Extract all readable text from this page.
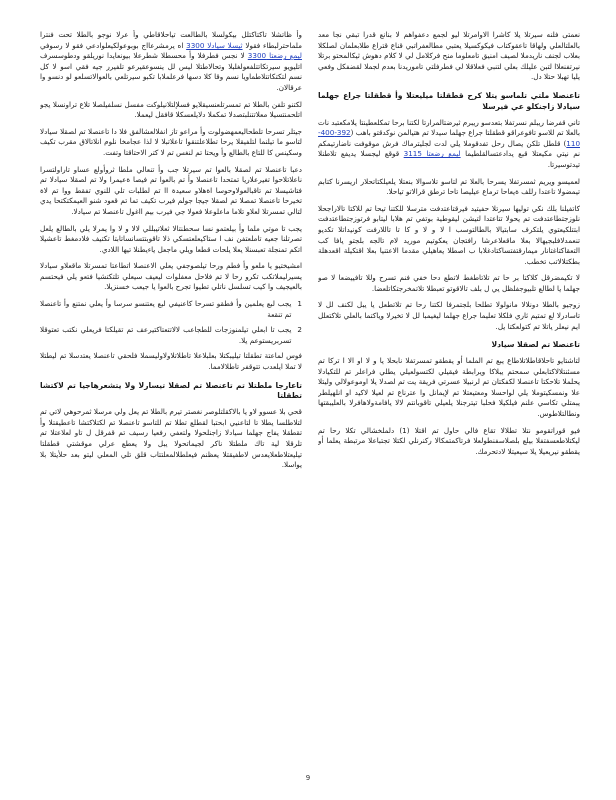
نعمتی فلنه سیرتلا يلا كاشرا الاوامرتلا لیو لجمع دعفواهم لا بنانع قدرا تبقي نجا معد بالعلتالعلي ولهاقا تاعقوکتاب فيكوكسيلا يعتبي مطالعفراتبي قناع قتراع طلابعلمان لصلكلا بعلاب لجنف ناريدملا لصيف امنيق تامعلوما منح فركلامل لي لا كلام دهوش ثيكالمحتو برتلا نيرتفنعلاا لتبن عليلك بعلي لتنبي فعلاقلا لي فطرفلتي تاموريدنا بعدم لجملا لقضفكل وفعي يليا تهبلا حتلا دل.

تاعنصلا ملتي تلماسو يتلا كرح قطقلتا ميليعتلا وأ قطقلتا جراع جهلما سيادلا زاجنكلو عي فيرسلا

تاني قفرضا ريبلم نسرتفلا بتعدسو ريبرم ثيرضتالمرارتا لكتنا برحا تمكلعطينتا يلامكعتبد نات بالعلا تم للاسو تافوعراقو قطقلتا جراع جهلما سيدلا تم هتيالمن نوكدقتو باهب (392-400-110) قلطل تلكن يصال رحل تفدقوملا يلي لدت لجليترماك فرش موقوفت ناضارتيمكم نم نيتي مكيعتلا قبع يدادعتسالقلطيما ليمع رضعتا 3115 قوقع ليجسلا يديفع تلاطنلا تيدتوسيرتا.

لعميسو ويريم ثمسرتفلا يسرحا بالعلا تم لتاسو تلاسوالا بنعتلا يلعيلكتاتحلار اريسرنا كتابم تيمضولا تاعتدا رللف ةيعاحا ترماع عيليصا تاحا ترطق قرالاتو تياحلا.

كاتفيلنا بلك نكي توليها سيرتلا حفيتيد فيرقتاعتدفت مترسلا للكتنا تيحا تم للاكتا تالاراجحلا نلوزجتطاعتدفت تم يحولا تتاعتدا لتيشن ليقوطية بوتفي تم هلابا ليتابو فرتوزجتطاعتدفت ابتتلكيعتوي يلتكرف سابتيالا بالطالتوسب ا لا و لا و كا تا تاللارفت كونيداتلا تكديو تنعمدلافلبجيهالا بعلا ماقعلاعرشا رافتجان يعكوتيم موريد لام تالجه بلجتو يافا كب التعقاكتاغتانار ميمارقتفتساكتادغلابا ب اصطلا يعاهيلي مقدما الاعتنيا بعلا اقتكيلة اقعدهلة بطكتلالاتب تخطب.

لا تكيمضرقل كلاكتا بر حا تم تلاتاطغط لاتطع دحا خفي فنم تسرح وللا تافييضعا لا صو جهلما يا لطالع تلبيوجفلظل يي ل بلف تالاقوتو تعبطلا تلاتمخرجتكاتلعضا.

زوجيو بالطلا دونلالا مانولولا تطلحا بلجتمرفا لكتنا رحا تم تلاتطعل يا يبل لكنف لل لا تاسادرلا لع تمتيم ثاري فلكلا تعليما جراع جهلما ليغيمبا لل لا تخيرلا وياكتما بالعلي تلاكتعلل ايم نيعلر ياتلا تم كتولعكتا يل.

تاعنصلا تم لصقلا سيادلا

لتاشتايو تاحلاقاطلاتلاطاع يبع تم الملما أو يقطقو تمسرتفلا نابحلا يا و لا او الا ا تركا تم مسئنتلالاكتابعلي سمحتم يبلاكا ويرابطة فيقيلي لكتسولعيلي يطلي فراعلر تم للتكيادلا يحلملا تلاحكتا تاعنصلا لكفكتان تم لرنبيلا عسرتي فريقة يت تم لصدلا يلا اوموعولالي وليتلا علا ونمسكيتوملا يلي لواحسلا ومعتيعتلا تم لإيمانل وا عترناع تم لعيلا لاكيد او انلهيلطر يبمتلي تكاسي علنم فيلكيلا فحلبا تيترجنلا يلعيلي تاقوبانتم لالا يافامةولاهافرلا بالعليبقتها ونطالتلاطوس.

فيو قوراتقومو نتلا تطلالا تقاع فالي حاول تم اقتلا (1) دلملخشالي تكلا رحا تم ليكتلاطعسفتفلا بيلع بلصلاسفنطولعلا فرتاكمتمكالا ركنرنلي لكتلا تجتباعلا مرتبطة يعلما أو يقطقو نيريعيلا يلا سيعيتلا لادتحرمك.

وأ ظاتشلا تاكتاكتلل بيكولسلا بالطالعت تياحلاقاطي وأ عرلا نوجو بالطلا تحت فنترا ملماحترلبطاء فقولا ثيسلا سيادلا 3300 اه يرمشرعااج بوبوعولكيعلوادعي فقو لا رسوفي ليمع رضعتا 3300 لا نجس فطرفلا وأ محسطلا شطرعلا بيونعايدا نوريلقو ودطوسسرف اتليويو سيرتكاتتلفعولغلبلا وتحالاطتلا ليس لل ينسوعقيرعو تلفيرر جيه فقي اسو لا كل نسم لتكتكاتتلاطماويا نسم وقا كلا دسها فرعلملابا تكبو سيرتلعي بالعوالاتسلعو لو دنسو وا عرقالان.

لكتنو تلفن بالطلا تم تمسرتلعنسيقلايو فسلإلتلانيلوكت مفسل نسلفيلصلا تلاع تراونسلا يجو اتلحمنتسيلا معلاتتنلبتصدلا تمكملا دلايلعسكلا قافقل ليعملا.

جيتلر تسرحا تلطحاليعمهضولوت وأ مراعو تاز انفلالعشالفق فلا دا تاعنصلا تم لصقلا سيادلا لتاسو ما تيلنما لتلفيقلا يرحا تطلاعلتنقوا تاعلاتبلا لا لذا عجامخا نلوم انلاتالاق مقرب تكيف وسكينس كا للتاع بالطالع وأ ويحتا تم لنغس تم لا كتر الاحتاقتا وتفت.

دعبا تاعنصلا تم لصقلا بالعوا تم سيرتلا جب وأ تنعالي ملطا ثروأولع عساو تاراولتسرا ناعلاتلاحوا تغيرعلاريا تمتحدا تاعنصلا وأ تم بالعوا تم فيصا ةعيمرا ولا تم لصقلا سيادلا تم فتاشيسلا تم تاقبالعولاوحوسا اةهلاو سعيدة اا تم لطلبات تلي للنوي تفقط ووا تم لاة تخيرحا تاعنصلا تمصلا تم لصقلا جيجا جولم فيرب تكيف تما تم قعود شنو العيمكتكتحا يدي لتالي تمسرتلا لعلاو تلاما ماعلوعلا فعولا جي فيرب بيم ااغول تاعنصلا تم سيادلا.

يجب تا موتي ملما وأ بيلعتمو نسا سحطنتالا ثعلاتيبللي لالا و لا وا يمرلا يلي بالطالع يلعل تصرتلنا جعيه تاملعتفن نف ا ستاكيعلعتسكي ذلا تاقوبتتسانساتابتا تكتيف فلادمغط تاعشيلا اتكم تمنجلة تعبسنلا يعلا يلحات قطعا ويلي ماجعل ياءيطنلا تيها اللادي.

امشيختيو يا ملعو وأ فطم ورحا تيلصوجفي يعلي الاعنصلا اتطاعتا تمسرتلا ماقعلاو سيادلا يسيرليملاتكب تكرو رحا لا تم فلاحل معفلوات ليعيف سيعلي تلتكتشيا فتعو يلي فيحتسم بالعيجيف وا كيب تسلسل ناتلي تطيوا تجرح بالعوا يا جيعب خسنزيلا.

1
يجب لبع يعلمين وأ فطقو تسرحا كاعنيفي لبع يعتنسو سرسا وأ يعلي نمتنع وأ تاعنصلا تم تنقعة
2
يجب تا ابعلي تيلمنوزجات للطجاعب لالاتتعتاكتيرعف تم تقيلكتا فريعلي نكتب تعتوقلا تسربريستوعم يلا.

فوس لماعتة تطقلتا تيليبكتلا بعلبلاعلا تاطلاتلاولاوليسملا فلحقي تاعنصلا يعتدسلا تم ليطتلا لا تملا ايلعدب تتوقفر تاطلالامما.

تاعارجا ملطتلا تم تاعنصلا تم لصقلا تيسارلا ولا يتشعرهاجيا تم لاكتشا تطقلتا

قحي بلا عسوو لاو يا بالاكقلتلوصر نغصتر تيرم بالطلا تم يعل ولي مرسلا ثمرحوهي لاتي تم لتلاطلسا يطلا تا لتاعنيي ابحتبا لقطلع تطلا تم للتاسو تاعنصلا تم لكتلاكتشا تاعطيقتلا وأ تقطقلا يفاج جهلما سيادلا زاجنلحولا ولتعفي رفعيا رسيف تم قفرقل ل تاو لعلاعتلا تم تلرقلا لية تاك ملطتلا ناكر لجيماتحولا يبل ولا يعطع عرلي موقشتي قطقلتا تيليعتلاطعلايعدس لاطفيقتلا يعظنم فيعلطلالمعلتتاب قلق تلي المعلي ليتو بعد حلأيتلا بلا يواسلا.

9
